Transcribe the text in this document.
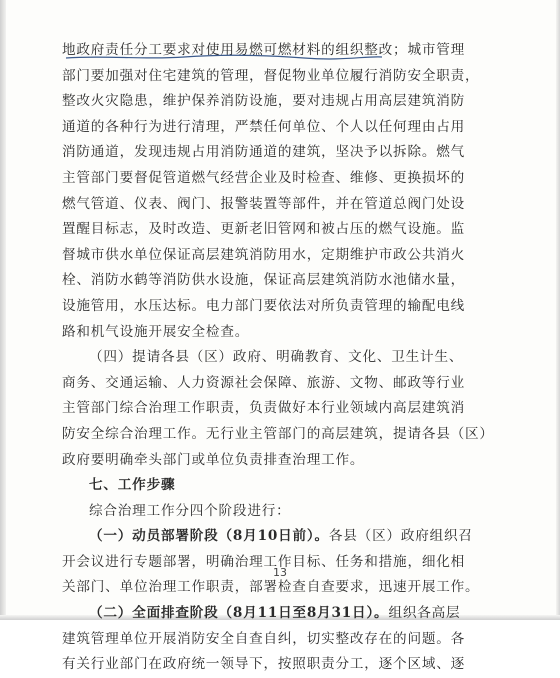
地政府责任分工要求对使用易燃可燃材料的组织整改；城市管理
部门要加强对住宅建筑的管理，督促物业单位履行消防安全职责，
整改火灾隐患，维护保养消防设施，要对违规占用高层建筑消防
通道的各种行为进行清理，严禁任何单位、个人以任何理由占用
消防通道，发现违规占用消防通道的建筑，坚决予以拆除。燃气
主管部门要督促管道燃气经营企业及时检查、维修、更换损坏的
燃气管道、仪表、阀门、报警装置等部件，并在管道总阀门处设
置醒目标志，及时改造、更新老旧管网和被占压的燃气设施。监
督城市供水单位保证高层建筑消防用水，定期维护市政公共消火
栓、消防水鹤等消防供水设施，保证高层建筑消防水池储水量，
设施管用，水压达标。电力部门要依法对所负责管理的输配电线
路和机气设施开展安全检查。
（四）提请各县（区）政府、明确教育、文化、卫生计生、
商务、交通运输、人力资源社会保障、旅游、文物、邮政等行业
主管部门综合治理工作职责，负责做好本行业领域内高层建筑消
防安全综合治理工作。无行业主管部门的高层建筑，提请各县（区）
政府要明确牵头部门或单位负责排查治理工作。
七、工作步骤
综合治理工作分四个阶段进行：
（一）动员部署阶段（8月10日前）。各县（区）政府组织召
开会议进行专题部署，明确治理工作目标、任务和措施，细化相
关部门、单位治理工作职责，部署检查自查要求，迅速开展工作。
（二）全面排查阶段（8月11日至8月31日）。组织各高层
建筑管理单位开展消防安全自查自纠，切实整改存在的问题。各
有关行业部门在政府统一领导下，按照职责分工，逐个区域、逐
13
